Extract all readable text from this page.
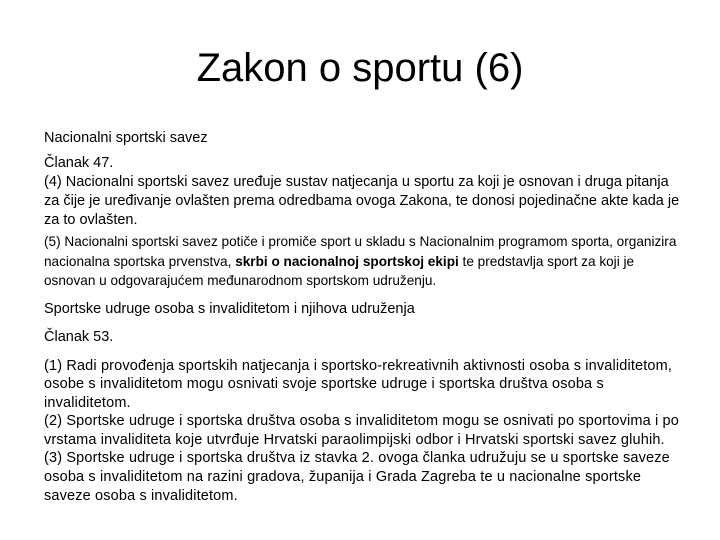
Zakon o sportu (6)

Nacionalni sportski savez

Članak 47.

(4) Nacionalni sportski savez uređuje sustav natjecanja u sportu za koji je osnovan i druga pitanja za čije je uređivanje ovlašten prema odredbama ovoga Zakona, te donosi pojedinačne akte kada je za to ovlašten.

(5) Nacionalni sportski savez potiče i promiče sport u skladu s Nacionalnim programom sporta, organizira nacionalna sportska prvenstva, skrbi o nacionalnoj sportskoj ekipi te predstavlja sport za koji je osnovan u odgovarajućem međunarodnom sportskom udruženju.

Sportske udruge osoba s invaliditetom i njihova udruženja

Članak 53.

(1) Radi provođenja sportskih natjecanja i sportsko-rekreativnih aktivnosti osoba s invaliditetom, osobe s invaliditetom mogu osnivati svoje sportske udruge i sportska društva osoba s invaliditetom.

(2) Sportske udruge i sportska društva osoba s invaliditetom mogu se osnivati po sportovima i po vrstama invaliditeta koje utvrđuje Hrvatski paraolimpijski odbor i Hrvatski sportski savez gluhih.

(3) Sportske udruge i sportska društva iz stavka 2. ovoga članka udružuju se u sportske saveze osoba s invaliditetom na razini gradova, županija i Grada Zagreba te u nacionalne sportske saveze osoba s invaliditetom.
